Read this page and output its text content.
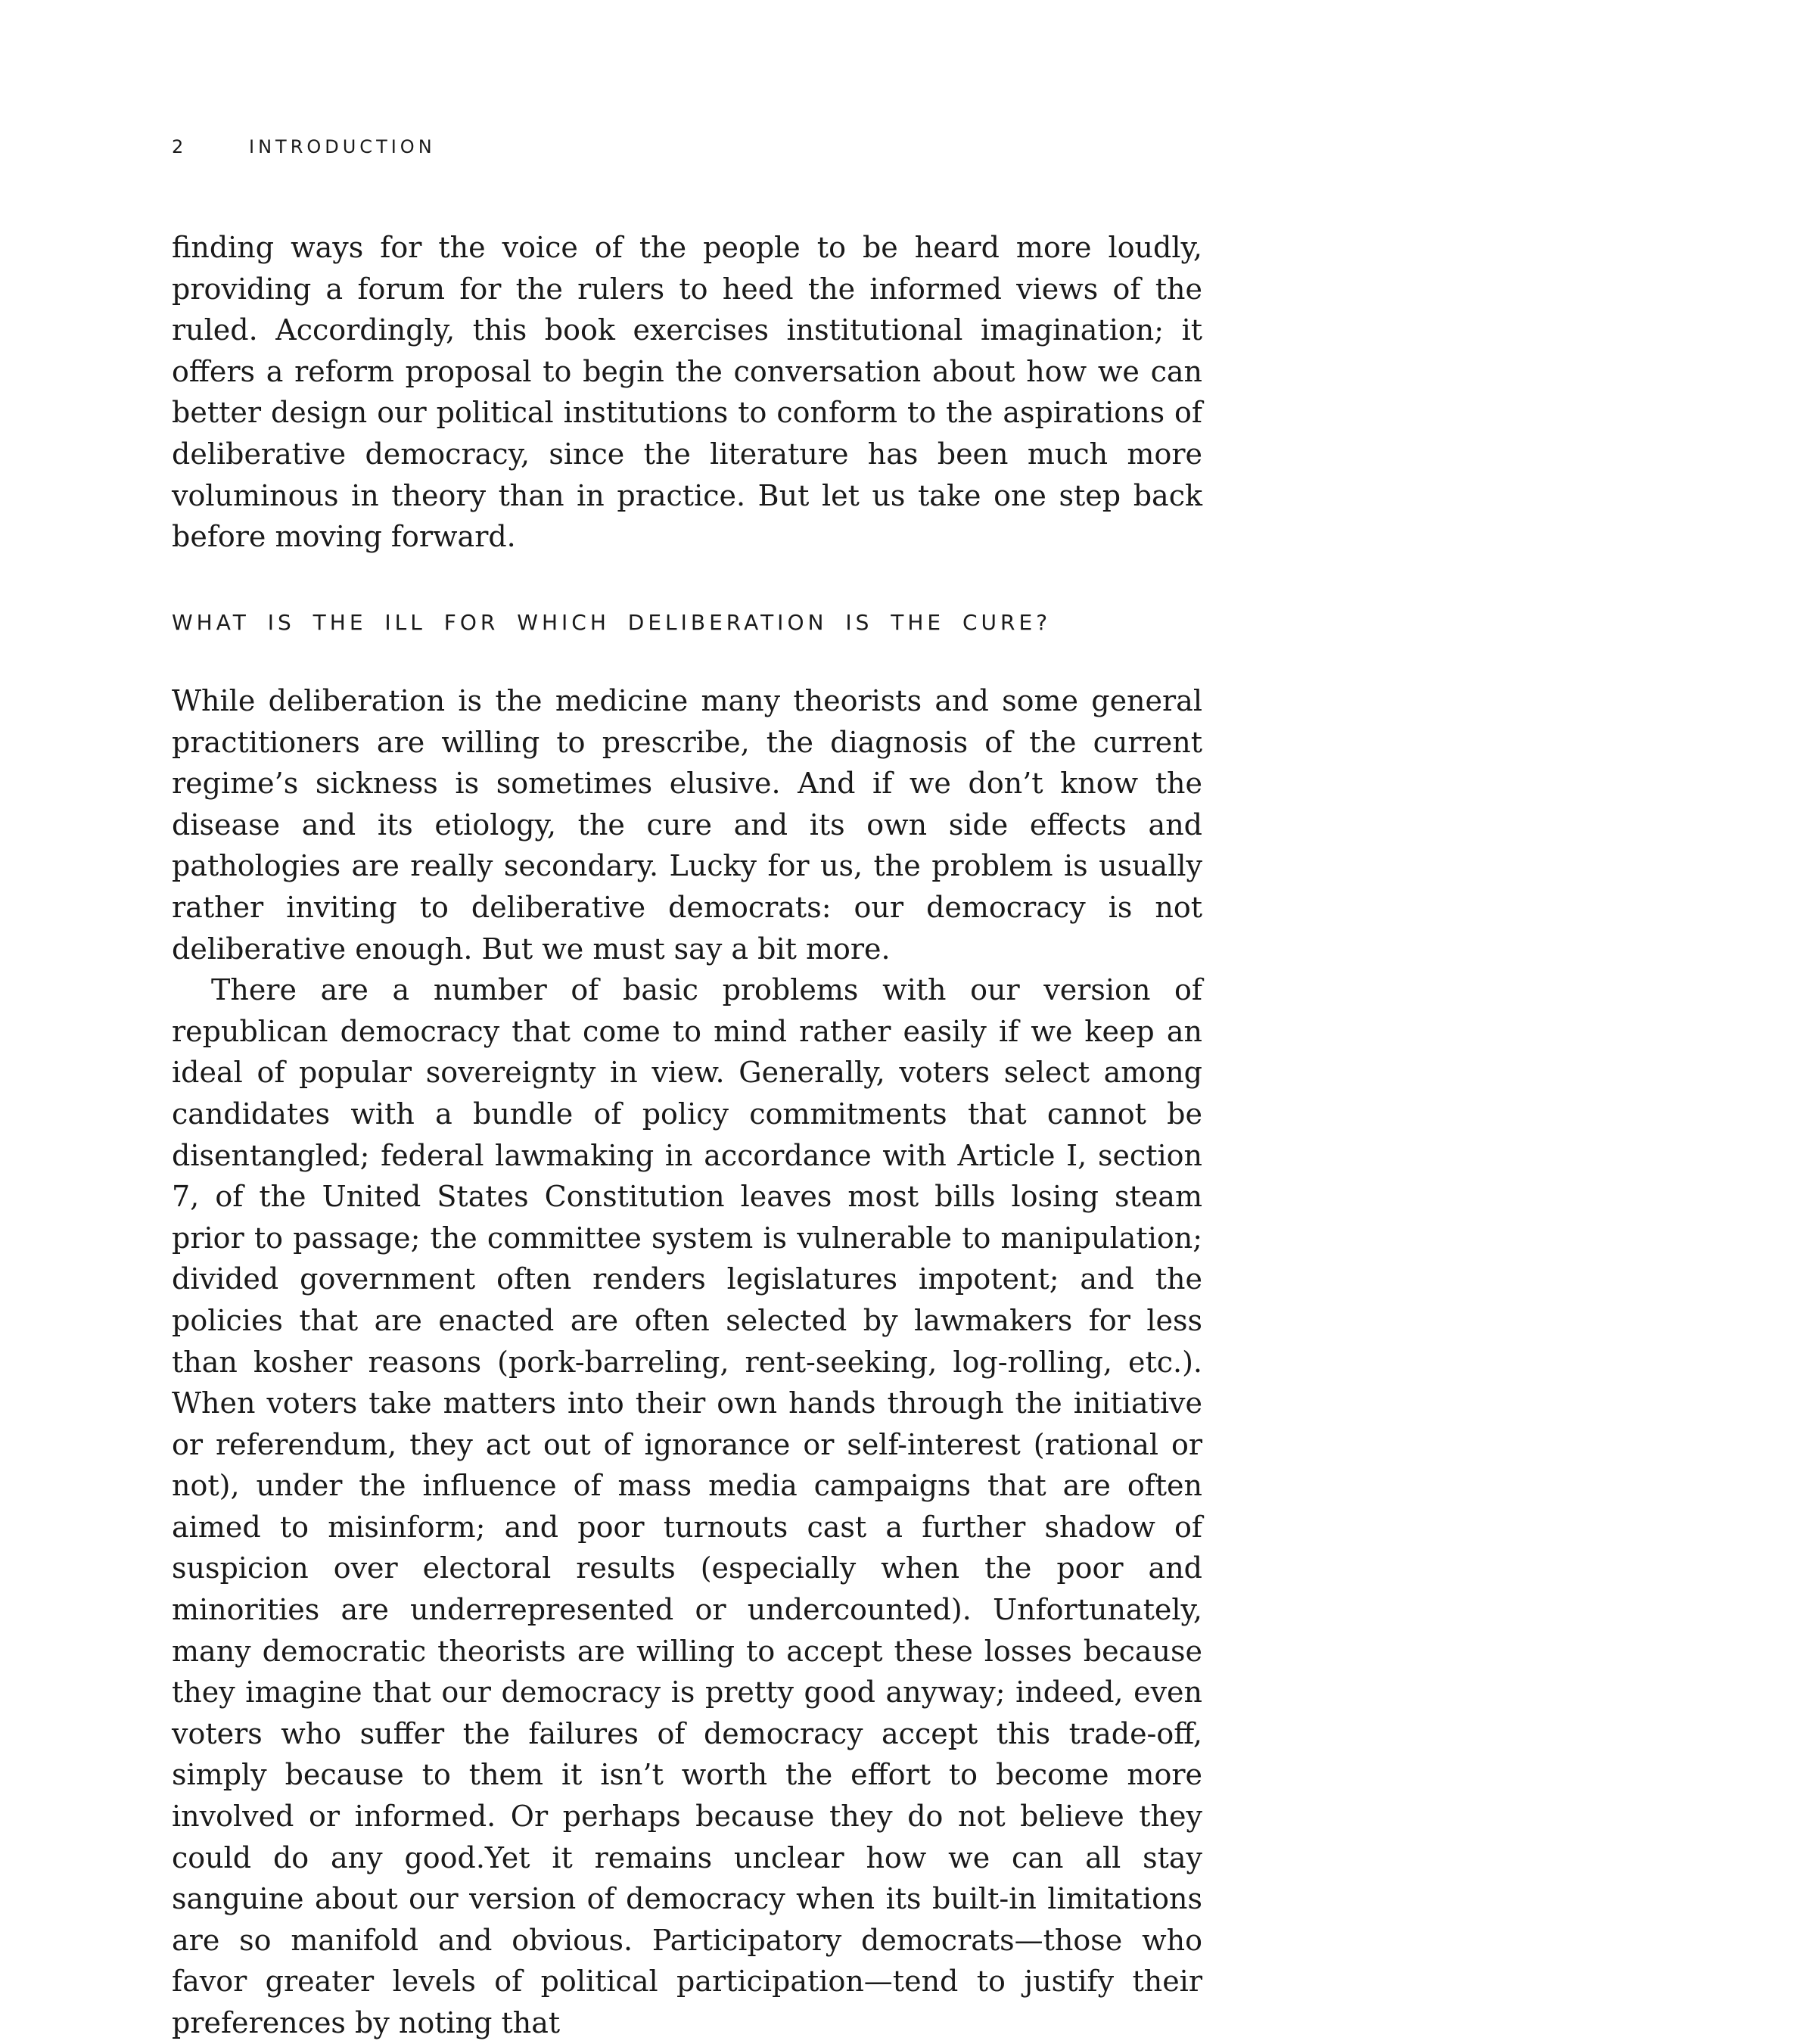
2	INTRODUCTION

finding ways for the voice of the people to be heard more loudly, providing a forum for the rulers to heed the informed views of the ruled. Accordingly, this book exercises institutional imagination; it offers a reform proposal to begin the conversation about how we can better design our political institutions to conform to the aspirations of deliberative democracy, since the literature has been much more voluminous in theory than in practice. But let us take one step back before moving forward.

WHAT IS THE ILL FOR WHICH DELIBERATION IS THE CURE?

While deliberation is the medicine many theorists and some general practitioners are willing to prescribe, the diagnosis of the current regime’s sickness is sometimes elusive. And if we don’t know the disease and its etiology, the cure and its own side effects and pathologies are really secondary. Lucky for us, the problem is usually rather inviting to deliberative democrats: our democracy is not deliberative enough. But we must say a bit more.

There are a number of basic problems with our version of republican democracy that come to mind rather easily if we keep an ideal of popular sovereignty in view. Generally, voters select among candidates with a bundle of policy commitments that cannot be disentangled; federal lawmaking in accordance with Article I, section 7, of the United States Constitution leaves most bills losing steam prior to passage; the committee system is vulnerable to manipulation; divided government often renders legislatures impotent; and the policies that are enacted are often selected by lawmakers for less than kosher reasons (pork-barreling, rent-seeking, log-rolling, etc.). When voters take matters into their own hands through the initiative or referendum, they act out of ignorance or self-interest (rational or not), under the influence of mass media campaigns that are often aimed to misinform; and poor turnouts cast a further shadow of suspicion over electoral results (especially when the poor and minorities are underrepresented or undercounted). Unfortunately, many democratic theorists are willing to accept these losses because they imagine that our democracy is pretty good anyway; indeed, even voters who suffer the failures of democracy accept this trade-off, simply because to them it isn’t worth the effort to become more involved or informed. Or perhaps because they do not believe they could do any good.Yet it remains unclear how we can all stay sanguine about our version of democracy when its built-in limitations are so manifold and obvious. Participatory democrats—those who favor greater levels of political participation—tend to justify their preferences by noting that
